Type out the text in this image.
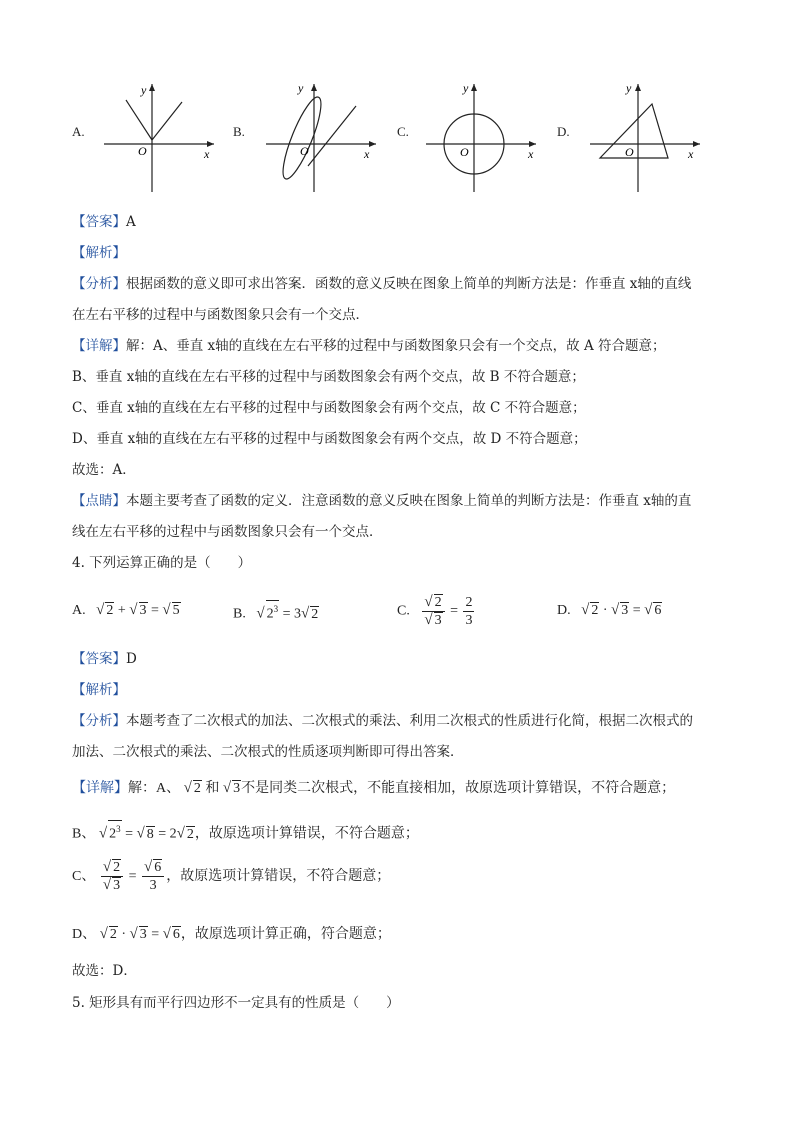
A.
y
x
O
B.
y
x
O
C.
y
x
O
D.
y
x
O
【答案】A
【解析】
【分析】根据函数的意义即可求出答案．函数的意义反映在图象上简单的判断方法是：作垂直 x轴的直线
在左右平移的过程中与函数图象只会有一个交点．
【详解】解：A、垂直 x轴的直线在左右平移的过程中与函数图象只会有一个交点，故 A 符合题意；
B、垂直 x轴的直线在左右平移的过程中与函数图象会有两个交点，故 B 不符合题意；
C、垂直 x轴的直线在左右平移的过程中与函数图象会有两个交点，故 C 不符合题意；
D、垂直 x轴的直线在左右平移的过程中与函数图象会有两个交点，故 D 不符合题意；
故选：A．
【点睛】本题主要考查了函数的定义．注意函数的意义反映在图象上简单的判断方法是：作垂直 x轴的直
线在左右平移的过程中与函数图象只会有一个交点．
4. 下列运算正确的是（　　）
A. √ 2 + √ 3 = √ 5	B. √ $2^3 = 3√$ 2	C. $\frac{√ 2}{√ 3} = \frac{2}{3}$	D. √ 2 · √ 3 = √ 6
【答案】D
【解析】
【分析】本题考查了二次根式的加法、二次根式的乘法、利用二次根式的性质进行化简，根据二次根式的
加法、二次根式的乘法、二次根式的性质逐项判断即可得出答案．
【详解】解：A、 √ 2 和 √ 3不是同类二次根式，不能直接相加，故原选项计算错误，不符合题意；
B、 √ $2^3$ = √ 8 = 2√ 2，故原选项计算错误，不符合题意；
C、 $\frac{√ 2}{√ 3} = \frac{√ 6}{3}$ ，故原选项计算错误，不符合题意；
D、 √ 2 · √ 3 = √ 6，故原选项计算正确，符合题意；
故选：D．
5. 矩形具有而平行四边形不一定具有的性质是（　　）
